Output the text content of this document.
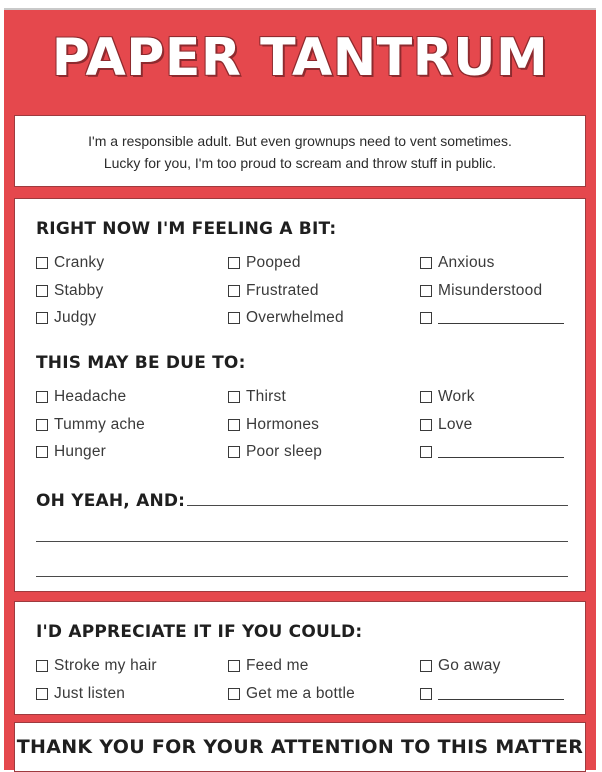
PAPER TANTRUM

I'm a responsible adult. But even grownups need to vent sometimes.

Lucky for you, I'm too proud to scream and throw stuff in public.

RIGHT NOW I'M FEELING A BIT:
Cranky	Pooped	Anxious
Stabby	Frustrated	Misunderstood
Judgy	Overwhelmed
THIS MAY BE DUE TO:
Headache	Thirst	Work
Tummy ache	Hormones	Love
Hunger	Poor sleep
OH YEAH, AND:
I'D APPRECIATE IT IF YOU COULD:
Stroke my hair	Feed me	Go away
Just listen	Get me a bottle
THANK YOU FOR YOUR ATTENTION TO THIS MATTER
